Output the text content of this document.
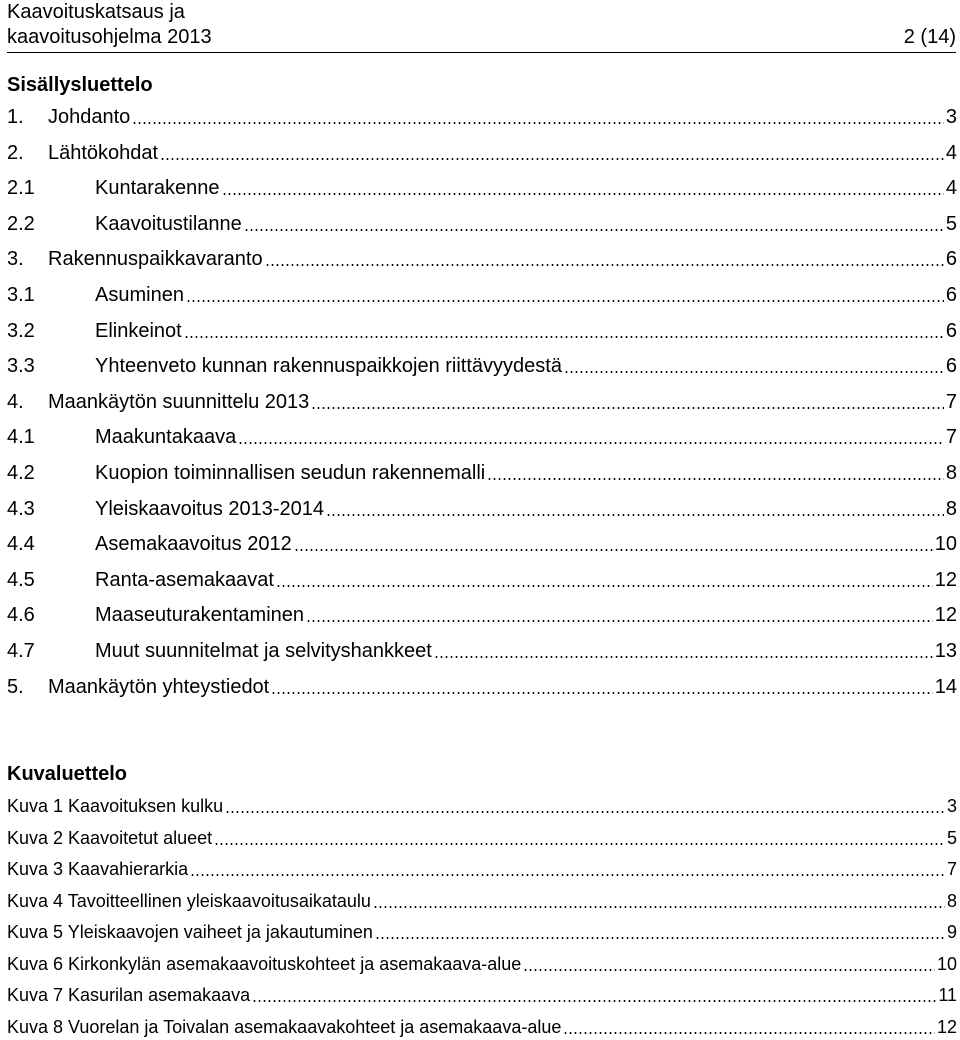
Kaavoituskatsaus ja
kaavoitusohjelma 2013	2 (14)
Sisällysluettelo
1.	Johdanto	3
2.	Lähtökohdat	4
2.1	Kuntarakenne	4
2.2	Kaavoitustilanne	5
3.	Rakennuspaikkavaranto	6
3.1	Asuminen	6
3.2	Elinkeinot	6
3.3	Yhteenveto kunnan rakennuspaikkojen riittävyydestä	6
4.	Maankäytön suunnittelu 2013	7
4.1	Maakuntakaava	7
4.2	Kuopion toiminnallisen seudun rakennemalli	8
4.3	Yleiskaavoitus 2013-2014	8
4.4	Asemakaavoitus 2012	10
4.5	Ranta-asemakaavat	12
4.6	Maaseuturakentaminen	12
4.7	Muut suunnitelmat ja selvityshankkeet	13
5.	Maankäytön yhteystiedot	14
Kuvaluettelo
Kuva 1 Kaavoituksen kulku	3
Kuva 2 Kaavoitetut alueet	5
Kuva 3 Kaavahierarkia	7
Kuva 4 Tavoitteellinen yleiskaavoitusaikataulu	8
Kuva 5 Yleiskaavojen vaiheet ja jakautuminen	9
Kuva 6 Kirkonkylän asemakaavoituskohteet ja asemakaava-alue	10
Kuva 7 Kasurilan asemakaava	11
Kuva 8 Vuorelan ja Toivalan asemakaavakohteet ja asemakaava-alue	12
